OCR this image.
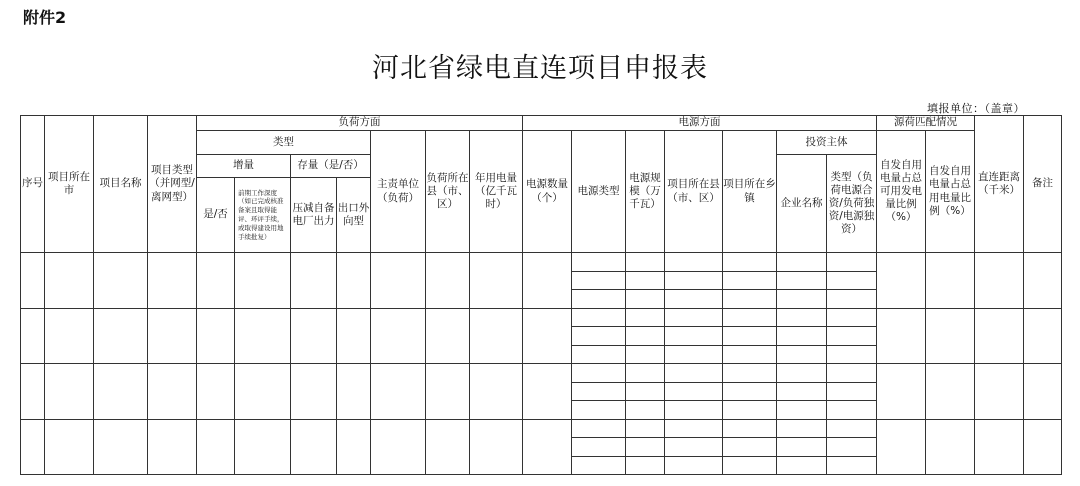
附件2
河北省绿电直连项目申报表
填报单位：（盖章）
序号	项目所在市	项目名称	项目类型（并网型/离网型）	负荷方面							电源方面							源荷匹配情况		直连距离（千米）	备注
				类型				主责单位（负荷）	负荷所在县（市、区）	年用电量（亿千瓦时）	电源数量（个）	电源类型	电源规模（万千瓦）	项目所在县（市、区）	项目所在乡镇	投资主体		自发自用电量占总可用发电量比例（%）	自发自用电量占总用电量比例（%）		
				增量		存量（是/否）										企业名称	类型（负荷电源合资/负荷独资/电源独资）				
				是/否	前期工作深度（如已完成核准备案且取得能评、环评手续，或取得建设用地手续批复）	压减自备电厂出力	出口外向型														
